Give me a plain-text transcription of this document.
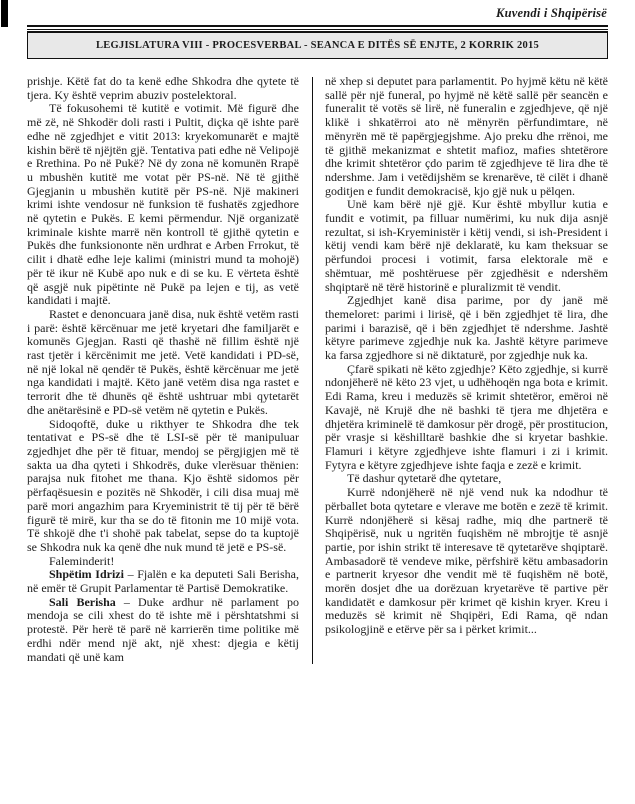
Kuvendi i Shqipërisë
LEGJISLATURA VIII - PROCESVERBAL - SEANCA E DITËS SË ENJTE, 2 KORRIK 2015

prishje. Këtë fat do ta kenë edhe Shkodra dhe qytete të tjera. Ky është veprim abuziv postelektoral.

Të fokusohemi të kutitë e votimit. Më figurë dhe më zë, në Shkodër doli rasti i Pultit, diçka që ishte parë edhe në zgjedhjet e vitit 2013: kryekomunarët e majtë kishin bërë të njëjtën gjë. Tentativa pati edhe në Velipojë e Rrethina. Po në Pukë? Në dy zona në komunën Rrapë u mbushën kutitë me votat për PS-në. Në të gjithë Gjegjanin u mbushën kutitë për PS-në. Një makineri krimi ishte vendosur në funksion të fushatës zgjedhore në qytetin e Pukës. E kemi përmendur. Një organizatë kriminale kishte marrë nën kontroll të gjithë qytetin e Pukës dhe funksiononte nën urdhrat e Arben Frrokut, të cilit i dhatë edhe leje kalimi (ministri mund ta mohojë) për të ikur në Kubë apo nuk e di se ku. E vërteta është që asgjë nuk pipëtinte në Pukë pa lejen e tij, as vetë kandidati i majtë.

Rastet e denoncuara janë disa, nuk është vetëm rasti i parë: është kërcënuar me jetë kryetari dhe familjarët e komunës Gjegjan. Rasti që thashë në fillim është një rast tjetër i kërcënimit me jetë. Vetë kandidati i PD-së, në një lokal në qendër të Pukës, është kërcënuar me jetë nga kandidati i majtë. Këto janë vetëm disa nga rastet e terrorit dhe të dhunës që është ushtruar mbi qytetarët dhe anëtarësinë e PD-së vetëm në qytetin e Pukës.

Sidoqoftë, duke u rikthyer te Shkodra dhe tek tentativat e PS-së dhe të LSI-së për të manipuluar zgjedhjet dhe për të fituar, mendoj se përgjigjen më të sakta ua dha qyteti i Shkodrës, duke vlerësuar thënien: parajsa nuk fitohet me thana. Kjo është sidomos për përfaqësuesin e pozitës në Shkodër, i cili disa muaj më parë mori angazhim para Kryeministrit të tij për të bërë figurë të mirë, kur tha se do të fitonin me 10 mijë vota. Të shkojë dhe t'i shohë pak tabelat, sepse do ta kuptojë se Shkodra nuk ka qenë dhe nuk mund të jetë e PS-së.

Faleminderit!

Shpëtim Idrizi – Fjalën e ka deputeti Sali Berisha, në emër të Grupit Parlamentar të Partisë Demokratike.

Sali Berisha – Duke ardhur në parlament po mendoja se cili xhest do të ishte më i përshtatshmi si protestë. Për herë të parë në karrierën time politike më erdhi ndër mend një akt, një xhest: djegia e këtij mandati që unë kam

në xhep si deputet para parlamentit. Po hyjmë këtu në këtë sallë për një funeral, po hyjmë në këtë sallë për seancën e funeralit të votës së lirë, në funeralin e zgjedhjeve, që një klikë i shkatërroi ato në mënyrën përfundimtare, në mënyrën më të papërgjegjshme. Ajo preku dhe rrënoi, me të gjithë mekanizmat e shtetit mafioz, mafies shtetërore dhe krimit shtetëror çdo parim të zgjedhjeve të lira dhe të ndershme. Jam i vetëdijshëm se krenarëve, të cilët i dhanë goditjen e fundit demokracisë, kjo gjë nuk u pëlqen.

Unë kam bërë një gjë. Kur është mbyllur kutia e fundit e votimit, pa filluar numërimi, ku nuk dija asnjë rezultat, si ish-Kryeministër i këtij vendi, si ish-President i këtij vendi kam bërë një deklaratë, ku kam theksuar se përfundoi procesi i votimit, farsa elektorale më e shëmtuar, më poshtëruese për zgjedhësit e ndershëm shqiptarë në tërë historinë e pluralizmit të vendit.

Zgjedhjet kanë disa parime, por dy janë më themeloret: parimi i lirisë, që i bën zgjedhjet të lira, dhe parimi i barazisë, që i bën zgjedhjet të ndershme. Jashtë këtyre parimeve zgjedhje nuk ka. Jashtë këtyre parimeve ka farsa zgjedhore si në diktaturë, por zgjedhje nuk ka.

Çfarë spikati në këto zgjedhje? Këto zgjedhje, si kurrë ndonjëherë në këto 23 vjet, u udhëhoqën nga bota e krimit. Edi Rama, kreu i meduzës së krimit shtetëror, emëroi në Kavajë, në Krujë dhe në bashki të tjera me dhjetëra e dhjetëra kriminelë të damkosur për drogë, për prostitucion, për vrasje si këshilltarë bashkie dhe si kryetar bashkie. Flamuri i këtyre zgjedhjeve ishte flamuri i zi i krimit. Fytyra e këtyre zgjedhjeve ishte faqja e zezë e krimit.

Të dashur qytetarë dhe qytetare,

Kurrë ndonjëherë në një vend nuk ka ndodhur të përballet bota qytetare e vlerave me botën e zezë të krimit. Kurrë ndonjëherë si kësaj radhe, miq dhe partnerë të Shqipërisë, nuk u ngritën fuqishëm në mbrojtje të asnjë partie, por ishin strikt të interesave të qytetarëve shqiptarë. Ambasadorë të vendeve mike, përfshirë këtu ambasadorin e partnerit kryesor dhe vendit më të fuqishëm në botë, morën dosjet dhe ua dorëzuan kryetarëve të partive për kandidatët e damkosur për krimet që kishin kryer. Kreu i meduzës së krimit në Shqipëri, Edi Rama, që ndan psikologjinë e etërve për sa i përket krimit...
